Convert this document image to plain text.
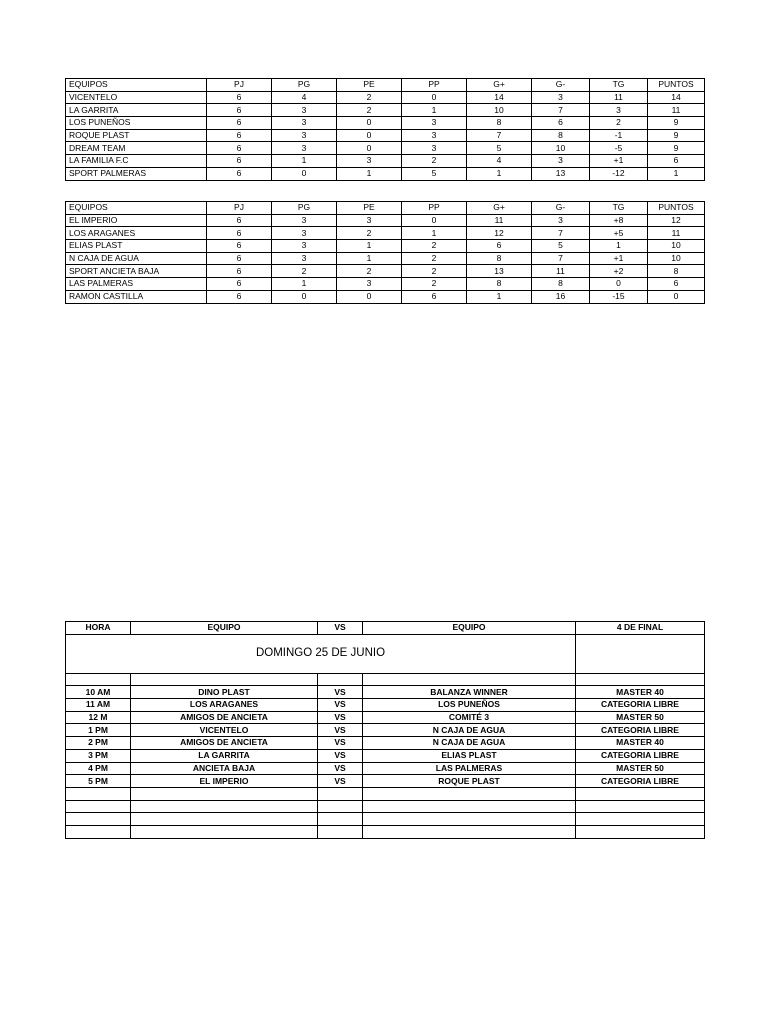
EQUIPOS	PJ	PG	PE	PP	G+	G-	TG	PUNTOS
VICENTELO	6	4	2	0	14	3	11	14
LA GARRITA	6	3	2	1	10	7	3	11
LOS PUNEÑOS	6	3	0	3	8	6	2	9
ROQUE PLAST	6	3	0	3	7	8	-1	9
DREAM TEAM	6	3	0	3	5	10	-5	9
LA FAMILIA F.C	6	1	3	2	4	3	+1	6
SPORT PALMERAS	6	0	1	5	1	13	-12	1
EQUIPOS	PJ	PG	PE	PP	G+	G-	TG	PUNTOS
EL IMPERIO	6	3	3	0	11	3	+8	12
LOS ARAGANES	6	3	2	1	12	7	+5	11
ELIAS PLAST	6	3	1	2	6	5	1	10
N CAJA DE AGUA	6	3	1	2	8	7	+1	10
SPORT ANCIETA BAJA	6	2	2	2	13	11	+2	8
LAS PALMERAS	6	1	3	2	8	8	0	6
RAMON CASTILLA	6	0	0	6	1	16	-15	0
HORA	EQUIPO	VS	EQUIPO	4 DE FINAL
DOMINGO 25 DE JUNIO				

10 AM	DINO PLAST	VS	BALANZA WINNER	MASTER 40
11 AM	LOS ARAGANES	VS	LOS PUNEÑOS	CATEGORIA LIBRE
12 M	AMIGOS DE ANCIETA	VS	COMITÉ 3	MASTER 50
1 PM	VICENTELO	VS	N CAJA DE AGUA	CATEGORIA LIBRE
2 PM	AMIGOS DE ANCIETA	VS	N CAJA DE AGUA	MASTER 40
3 PM	LA GARRITA	VS	ELIAS PLAST	CATEGORIA LIBRE
4 PM	ANCIETA BAJA	VS	LAS PALMERAS	MASTER 50
5 PM	EL IMPERIO	VS	ROQUE PLAST	CATEGORIA LIBRE
